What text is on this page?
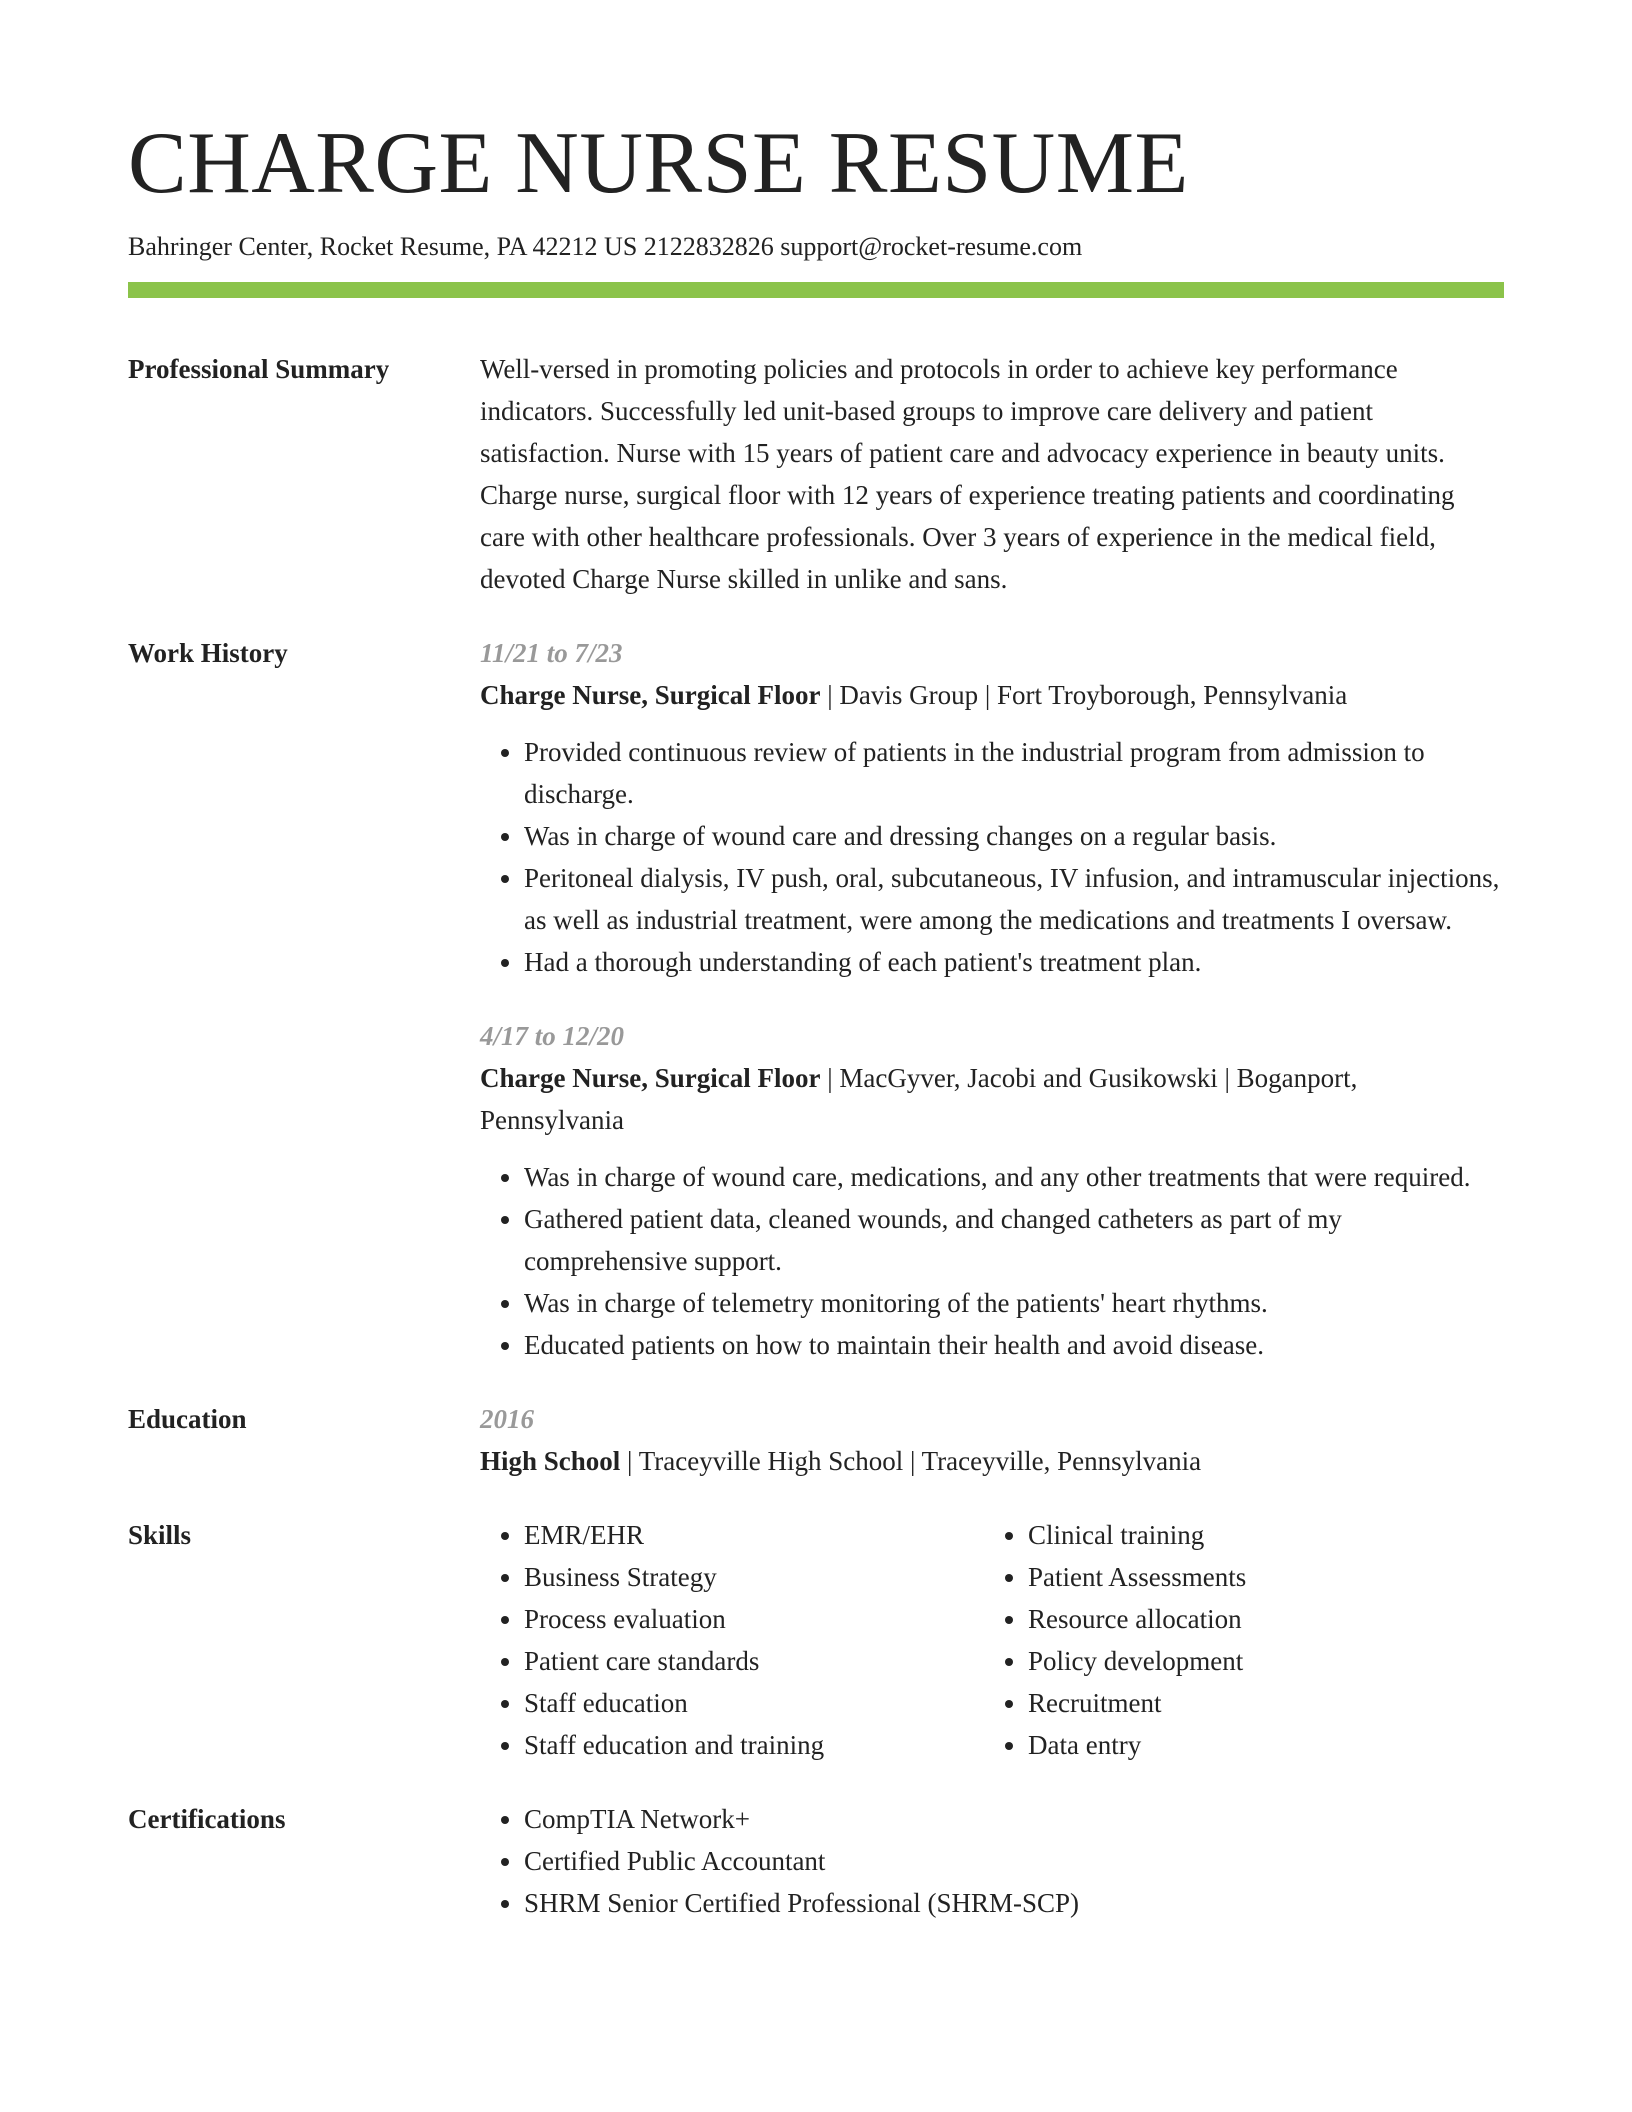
CHARGE NURSE RESUME
Bahringer Center, Rocket Resume, PA 42212 US 2122832826 support@rocket-resume.com
Professional Summary	Well-versed in promoting policies and protocols in order to achieve key performance indicators. Successfully led unit-based groups to improve care delivery and patient satisfaction. Nurse with 15 years of patient care and advocacy experience in beauty units. Charge nurse, surgical floor with 12 years of experience treating patients and coordinating care with other healthcare professionals. Over 3 years of experience in the medical field, devoted Charge Nurse skilled in unlike and sans.
Work History	11/21 to 7/23
Charge Nurse, Surgical Floor | Davis Group | Fort Troyborough, Pennsylvania
• Provided continuous review of patients in the industrial program from admission to discharge.
• Was in charge of wound care and dressing changes on a regular basis.
• Peritoneal dialysis, IV push, oral, subcutaneous, IV infusion, and intramuscular injections, as well as industrial treatment, were among the medications and treatments I oversaw.
• Had a thorough understanding of each patient's treatment plan.
4/17 to 12/20
Charge Nurse, Surgical Floor | MacGyver, Jacobi and Gusikowski | Boganport, Pennsylvania
• Was in charge of wound care, medications, and any other treatments that were required.
• Gathered patient data, cleaned wounds, and changed catheters as part of my comprehensive support.
• Was in charge of telemetry monitoring of the patients' heart rhythms.
• Educated patients on how to maintain their health and avoid disease.
Education	2016
High School | Traceyville High School | Traceyville, Pennsylvania
Skills	• EMR/EHR
• Business Strategy
• Process evaluation
• Patient care standards
• Staff education
• Staff education and training
• Clinical training
• Patient Assessments
• Resource allocation
• Policy development
• Recruitment
• Data entry
Certifications	• CompTIA Network+
• Certified Public Accountant
• SHRM Senior Certified Professional (SHRM-SCP)
